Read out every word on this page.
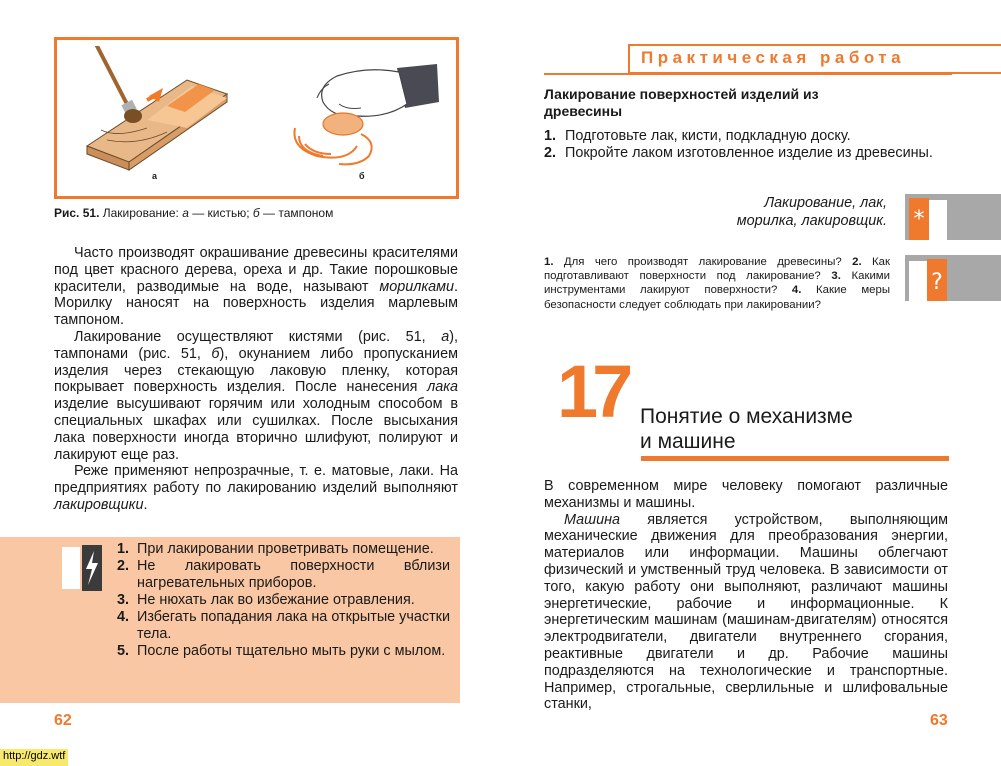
а	б
Рис. 51. Лакирование: а — кистью; б — тампоном

Часто производят окрашивание древесины красителями под цвет красного дерева, ореха и др. Такие порошковые красители, разводимые на воде, называют морилками. Морилку наносят на поверхность изделия марлевым тампоном.

Лакирование осуществляют кистями (рис. 51, а), тампонами (рис. 51, б), окунанием либо пропусканием изделия через стекающую лаковую пленку, которая покрывает поверхность изделия. После нанесения лака изделие высушивают горячим или холодным способом в специальных шкафах или сушилках. После высыхания лака поверхности иногда вторично шлифуют, полируют и лакируют еще раз.

Реже применяют непрозрачные, т. е. матовые, лаки. На предприятиях работу по лакированию изделий выполняют лакировщики.

1. При лакировании проветривать помещение.
2. Не лакировать поверхности вблизи нагревательных приборов.
3. Не нюхать лак во избежание отравления.
4. Избегать попадания лака на открытые участки тела.
5. После работы тщательно мыть руки с мылом.
62
Практическая работа
Лакирование поверхностей изделий из древесины
1. Подготовьте лак, кисти, подкладную доску.
2. Покройте лаком изготовленное изделие из древесины.
Лакирование, лак, морилка, лакировщик. *
1. Для чего производят лакирование древесины? 2. Как подготавливают поверхности под лакирование? 3. Какими инструментами лакируют поверхности? 4. Какие меры безопасности следует соблюдать при лакировании?
?
17 Понятие о механизме
и машине
В современном мире человеку помогают различные механизмы и машины.

Машина является устройством, выполняющим механические движения для преобразования энергии, материалов или информации. Машины облегчают физический и умственный труд человека. В зависимости от того, какую работу они выполняют, различают машины энергетические, рабочие и информационные. К энергетическим машинам (машинам-двигателям) относятся электродвигатели, двигатели внутреннего сгорания, реактивные двигатели и др. Рабочие машины подразделяются на технологические и транспортные. Например, строгальные, сверлильные и шлифовальные станки,

63
http://gdz.wtf
